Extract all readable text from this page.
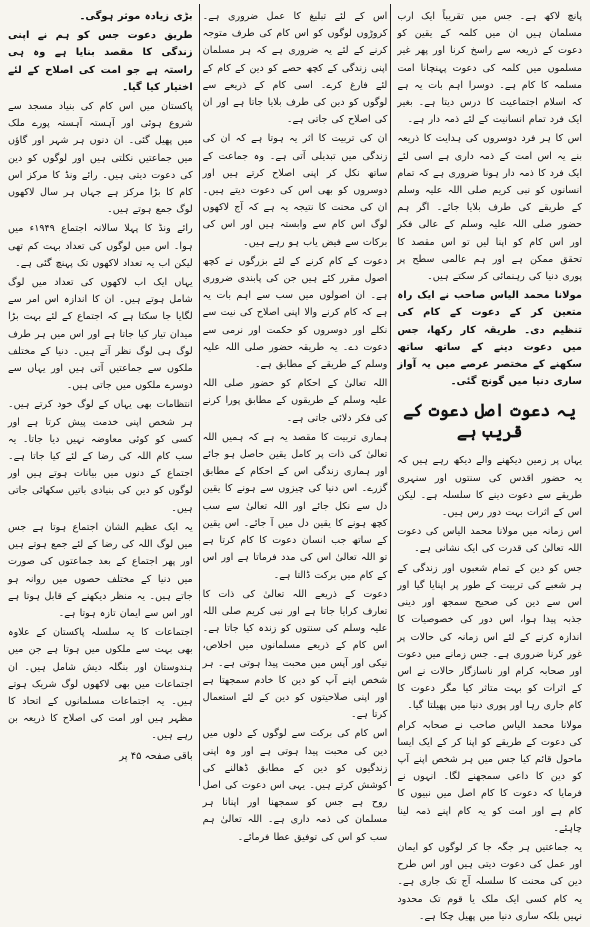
پانچ لاکھ ہے۔ جس میں تقریباً ایک ارب مسلمان ہیں ان میں کلمہ کے یقین کو دعوت کے ذریعہ سے راسخ کرنا اور پھر غیر مسلموں میں کلمہ کی دعوت پہنچانا امت مسلمہ کا کام ہے۔ دوسرا اہم بات یہ ہے کہ اسلام اجتماعیت کا درس دیتا ہے۔ بغیر ایک فرد تمام انسانیت کے لئے ذمہ دار ہے۔

اس کا ہر فرد دوسروں کی ہدایت کا ذریعہ بنے یہ اس امت کے ذمہ داری ہے اسی لئے ایک فرد کا ذمہ دار ہونا ضروری ہے کہ تمام انسانوں کو نبی کریم صلی اللہ علیہ وسلم کے طریقے کی طرف بلایا جائے۔ اگر ہم حضور صلی اللہ علیہ وسلم کے عالی فکر اور اس کام کو اپنا لیں تو اس مقصد کا تحقق ممکن ہے اور ہم عالمی سطح پر پوری دنیا کی رہنمائی کر سکتے ہیں۔

مولانا محمد الیاس صاحب نے ایک راہ متعین کر کے دعوت کے کام کی تنظیم دی۔ طریقہ کار رکھا، جس میں دعوت دینے کے ساتھ ساتھ سکھنے کے مختصر عرصے میں یہ آواز ساری دنیا میں گونج گئی۔

یہ دعوت اصل دعوت کے قریب ہے

یہاں پر زمین دیکھنے والے دیکھ رہے ہیں کہ یہ حضور اقدس کی سنتوں اور سنہری طریقے سے دعوت دینے کا سلسلہ ہے۔ لیکن اس کے اثرات بہت دور رس ہیں۔

اس زمانہ میں مولانا محمد الیاس کی دعوت اللہ تعالیٰ کی قدرت کی ایک نشانی ہے۔

جس کو دین کے تمام شعبوں اور زندگی کے ہر شعبے کی تربیت کے طور پر اپنایا گیا اور اس سے دین کی صحیح سمجھ اور دینی جذبہ پیدا ہوا، اس دور کی خصوصیات کا اندازہ کرنے کے لئے اس زمانہ کی حالات پر غور کرنا ضروری ہے۔ جس زمانے میں دعوت اور صحابہ کرام اور ناسازگار حالات نے اس کے اثرات کو بہت متاثر کیا مگر دعوت کا کام جاری رہا اور پوری دنیا میں پھیلتا گیا۔

مولانا محمد الیاس صاحب نے صحابہ کرام کی دعوت کے طریقے کو اپنا کر کے ایک ایسا ماحول قائم کیا جس میں ہر شخص اپنے آپ کو دین کا داعی سمجھنے لگا۔ انہوں نے فرمایا کہ دعوت کا کام اصل میں نبیوں کا کام ہے اور امت کو یہ کام اپنے ذمہ لینا چاہئے۔

یہ جماعتیں ہر جگہ جا کر لوگوں کو ایمان اور عمل کی دعوت دیتی ہیں اور اس طرح دین کی محنت کا سلسلہ آج تک جاری ہے۔ یہ کام کسی ایک ملک یا قوم تک محدود نہیں بلکہ ساری دنیا میں پھیل چکا ہے۔

اس کے لئے تبلیغ کا عمل ضروری ہے۔ کروڑوں لوگوں کو اس کام کی طرف متوجہ کرنے کے لئے یہ ضروری ہے کہ ہر مسلمان اپنی زندگی کے کچھ حصے کو دین کے کام کے لئے فارغ کرے۔ اسی کام کے ذریعے سے لوگوں کو دین کی طرف بلایا جاتا ہے اور ان کی اصلاح کی جاتی ہے۔

ان کی تربیت کا اثر یہ ہوتا ہے کہ ان کی زندگی میں تبدیلی آتی ہے۔ وہ جماعت کے ساتھ نکل کر اپنی اصلاح کرتے ہیں اور دوسروں کو بھی اس کی دعوت دیتے ہیں۔ ان کی محنت کا نتیجہ یہ ہے کہ آج لاکھوں لوگ اس کام سے وابستہ ہیں اور اس کی برکات سے فیض یاب ہو رہے ہیں۔

دعوت کے کام کرنے کے لئے بزرگوں نے کچھ اصول مقرر کئے ہیں جن کی پابندی ضروری ہے۔ ان اصولوں میں سب سے اہم بات یہ ہے کہ کام کرنے والا اپنی اصلاح کی نیت سے نکلے اور دوسروں کو حکمت اور نرمی سے دعوت دے۔ یہ طریقہ حضور صلی اللہ علیہ وسلم کے طریقے کے مطابق ہے۔

اللہ تعالیٰ کے احکام کو حضور صلی اللہ علیہ وسلم کے طریقوں کے مطابق پورا کرنے کی فکر دلائی جاتی ہے۔

ہماری تربیت کا مقصد یہ ہے کہ ہمیں اللہ تعالیٰ کی ذات پر کامل یقین حاصل ہو جائے اور ہماری زندگی اس کے احکام کے مطابق گزرے۔ اس دنیا کی چیزوں سے ہونے کا یقین دل سے نکل جائے اور اللہ تعالیٰ سے سب کچھ ہونے کا یقین دل میں آ جائے۔ اس یقین کے ساتھ جب انسان دعوت کا کام کرتا ہے تو اللہ تعالیٰ اس کی مدد فرماتا ہے اور اس کے کام میں برکت ڈالتا ہے۔

دعوت کے ذریعے اللہ تعالیٰ کی ذات کا تعارف کرایا جاتا ہے اور نبی کریم صلی اللہ علیہ وسلم کی سنتوں کو زندہ کیا جاتا ہے۔ اس کام کے ذریعے مسلمانوں میں اخلاص، نیکی اور آپس میں محبت پیدا ہوتی ہے۔ ہر شخص اپنے آپ کو دین کا خادم سمجھتا ہے اور اپنی صلاحیتوں کو دین کے لئے استعمال کرتا ہے۔

اس کام کی برکت سے لوگوں کے دلوں میں دین کی محبت پیدا ہوتی ہے اور وہ اپنی زندگیوں کو دین کے مطابق ڈھالنے کی کوشش کرتے ہیں۔ یہی اس دعوت کی اصل روح ہے جس کو سمجھنا اور اپنانا ہر مسلمان کی ذمہ داری ہے۔ اللہ تعالیٰ ہم سب کو اس کی توفیق عطا فرمائے۔

بڑی زیادہ موثر ہوگی۔

طریق دعوت جس کو ہم نے اپنی زندگی کا مقصد بنایا ہے وہ ہی راستہ ہے جو امت کی اصلاح کے لئے اختیار کیا گیا۔

پاکستان میں اس کام کی بنیاد مسجد سے شروع ہوئی اور آہستہ آہستہ پورے ملک میں پھیل گئی۔ ان دنوں ہر شہر اور گاؤں میں جماعتیں نکلتی ہیں اور لوگوں کو دین کی دعوت دیتی ہیں۔ رائے ونڈ کا مرکز اس کام کا بڑا مرکز ہے جہاں ہر سال لاکھوں لوگ جمع ہوتے ہیں۔

رائے ونڈ کا پہلا سالانہ اجتماع ۱۹۴۹ء میں ہوا۔ اس میں لوگوں کی تعداد بہت کم تھی لیکن اب یہ تعداد لاکھوں تک پہنچ گئی ہے۔

یہاں ایک اب لاکھوں کی تعداد میں لوگ شامل ہوتے ہیں۔ ان کا اندازہ اس امر سے لگایا جا سکتا ہے کہ اجتماع کے لئے بہت بڑا میدان تیار کیا جاتا ہے اور اس میں ہر طرف لوگ ہی لوگ نظر آتے ہیں۔ دنیا کے مختلف ملکوں سے جماعتیں آتی ہیں اور یہاں سے دوسرے ملکوں میں جاتی ہیں۔

انتظامات بھی یہاں کے لوگ خود کرتے ہیں۔ ہر شخص اپنی خدمت پیش کرتا ہے اور کسی کو کوئی معاوضہ نہیں دیا جاتا۔ یہ سب کام اللہ کی رضا کے لئے کیا جاتا ہے۔ اجتماع کے دنوں میں بیانات ہوتے ہیں اور لوگوں کو دین کی بنیادی باتیں سکھائی جاتی ہیں۔

یہ ایک عظیم الشان اجتماع ہوتا ہے جس میں لوگ اللہ کی رضا کے لئے جمع ہوتے ہیں اور پھر اجتماع کے بعد جماعتوں کی صورت میں دنیا کے مختلف حصوں میں روانہ ہو جاتے ہیں۔ یہ منظر دیکھنے کے قابل ہوتا ہے اور اس سے ایمان تازہ ہوتا ہے۔

اجتماعات کا یہ سلسلہ پاکستان کے علاوہ بھی بہت سے ملکوں میں ہوتا ہے جن میں ہندوستان اور بنگلہ دیش شامل ہیں۔ ان اجتماعات میں بھی لاکھوں لوگ شریک ہوتے ہیں۔ یہ اجتماعات مسلمانوں کے اتحاد کا مظہر ہیں اور امت کی اصلاح کا ذریعہ بن رہے ہیں۔

باقی صفحہ ۴۵ پر
